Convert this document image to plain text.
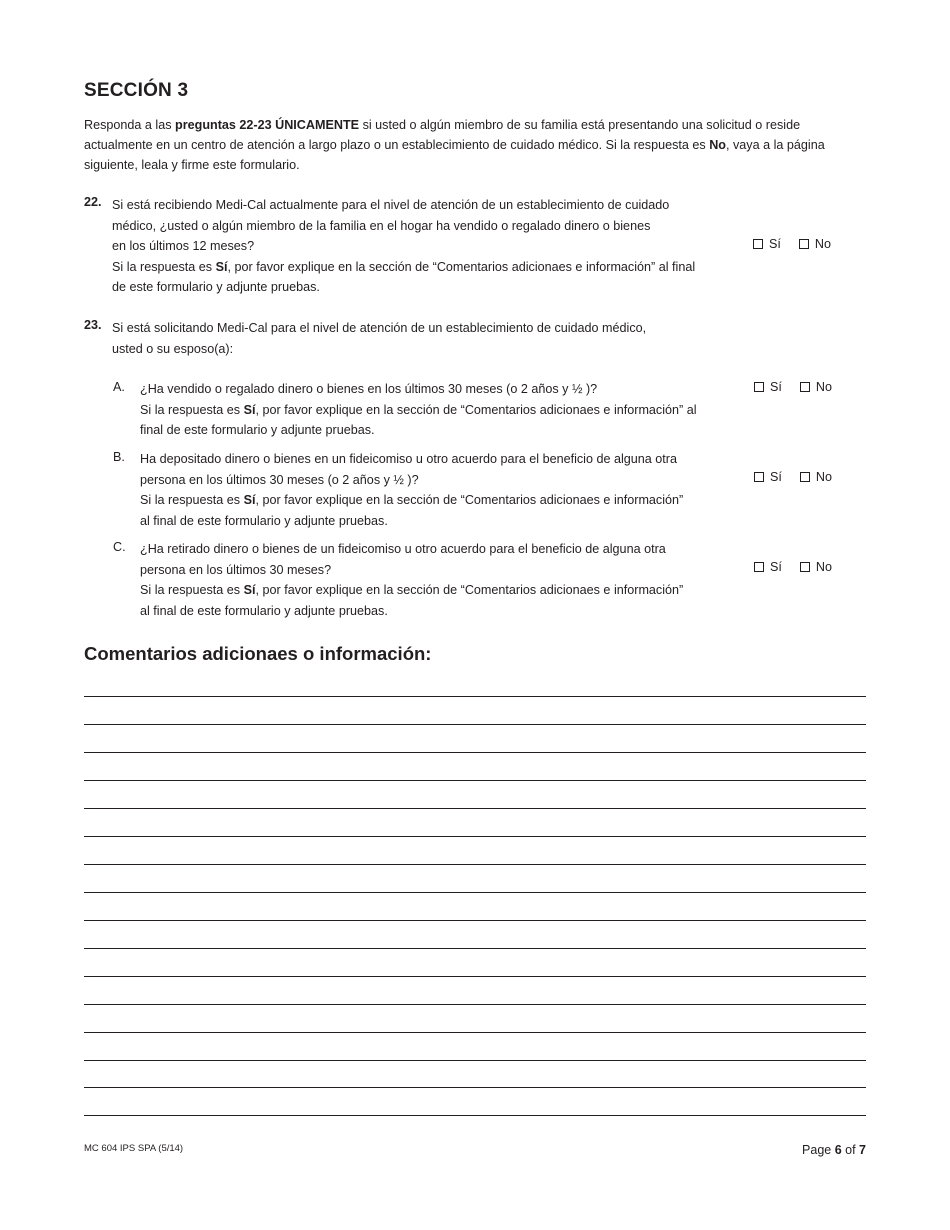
SECCIÓN 3
Responda a las preguntas 22-23 ÚNICAMENTE si usted o algún miembro de su familia está presentando una solicitud o reside actualmente en un centro de atención a largo plazo o un establecimiento de cuidado médico. Si la respuesta es No, vaya a la página siguiente, leala y firme este formulario.
22. Si está recibiendo Medi-Cal actualmente para el nivel de atención de un establecimiento de cuidado
médico, ¿usted o algún miembro de la familia en el hogar ha vendido o regalado dinero o bienes
en los últimos 12 meses?
Si la respuesta es Sí, por favor explique en la sección de “Comentarios adicionaes e información” al final
de este formulario y adjunte pruebas.
Sí	No
23. Si está solicitando Medi-Cal para el nivel de atención de un establecimiento de cuidado médico,
usted o su esposo(a):
A. ¿Ha vendido o regalado dinero o bienes en los últimos 30 meses (o 2 años y ½ )?
Si la respuesta es Sí, por favor explique en la sección de “Comentarios adicionaes e información” al
final de este formulario y adjunte pruebas.
Sí	No
B. Ha depositado dinero o bienes en un fideicomiso u otro acuerdo para el beneficio de alguna otra
persona en los últimos 30 meses (o 2 años y ½ )?
Si la respuesta es Sí, por favor explique en la sección de “Comentarios adicionaes e información”
al final de este formulario y adjunte pruebas.
Sí	No
C. ¿Ha retirado dinero o bienes de un fideicomiso u otro acuerdo para el beneficio de alguna otra
persona en los últimos 30 meses?
Si la respuesta es Sí, por favor explique en la sección de “Comentarios adicionaes e información”
al final de este formulario y adjunte pruebas.
Sí	No
Comentarios adicionaes o información:
MC 604 IPS SPA (5/14)	Page 6 of 7
